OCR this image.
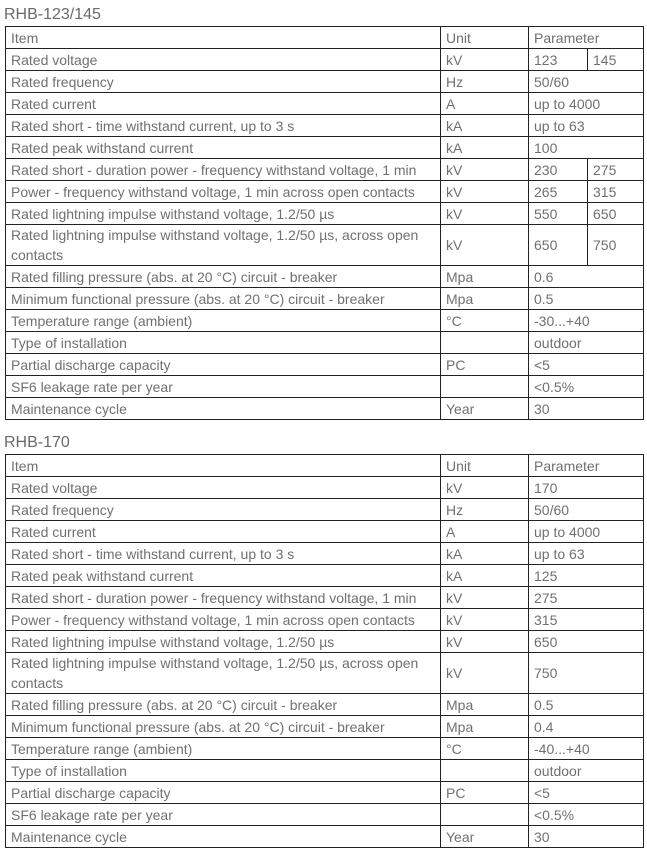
RHB-123/145
Item	Unit	Parameter	
Rated voltage	kV	123	145
Rated frequency	Hz	50/60	
Rated current	A	up to 4000	
Rated short - time withstand current, up to 3 s	kA	up to 63	
Rated peak withstand current	kA	100	
Rated short - duration power - frequency withstand voltage, 1 min	kV	230	275
Power - frequency withstand voltage, 1 min across open contacts	kV	265	315
Rated lightning impulse withstand voltage, 1.2/50 µs	kV	550	650
Rated lightning impulse withstand voltage, 1.2/50 µs, across open contacts	kV	650	750
Rated filling pressure (abs. at 20 °C) circuit - breaker	Mpa	0.6	
Minimum functional pressure (abs. at 20 °C) circuit - breaker	Mpa	0.5	
Temperature range (ambient)	°C	-30...+40	
Type of installation		outdoor	
Partial discharge capacity	PC	<5	
SF6 leakage rate per year		<0.5%	
Maintenance cycle	Year	30	
RHB-170
Item	Unit	Parameter
Rated voltage	kV	170
Rated frequency	Hz	50/60
Rated current	A	up to 4000
Rated short - time withstand current, up to 3 s	kA	up to 63
Rated peak withstand current	kA	125
Rated short - duration power - frequency withstand voltage, 1 min	kV	275
Power - frequency withstand voltage, 1 min across open contacts	kV	315
Rated lightning impulse withstand voltage, 1.2/50 µs	kV	650
Rated lightning impulse withstand voltage, 1.2/50 µs, across open contacts	kV	750
Rated filling pressure (abs. at 20 °C) circuit - breaker	Mpa	0.5
Minimum functional pressure (abs. at 20 °C) circuit - breaker	Mpa	0.4
Temperature range (ambient)	°C	-40...+40
Type of installation		outdoor
Partial discharge capacity	PC	<5
SF6 leakage rate per year		<0.5%
Maintenance cycle	Year	30
